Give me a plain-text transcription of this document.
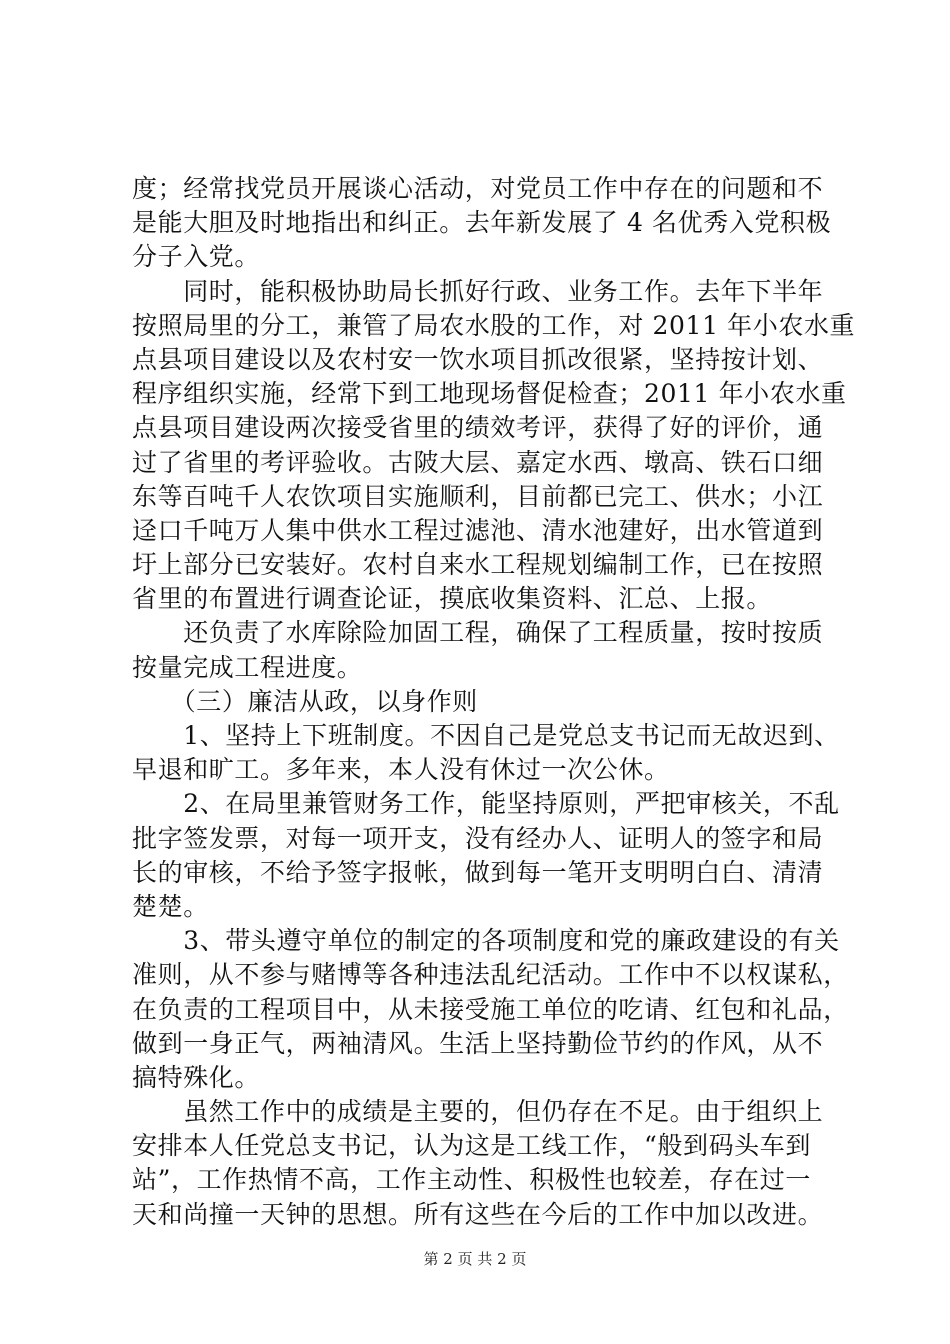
度；经常找党员开展谈心活动，对党员工作中存在的问题和不
是能大胆及时地指出和纠正。去年新发展了 4 名优秀入党积极
分子入党。
　　同时，能积极协助局长抓好行政、业务工作。去年下半年
按照局里的分工，兼管了局农水股的工作，对 2011 年小农水重
点县项目建设以及农村安一饮水项目抓改很紧，坚持按计划、
程序组织实施，经常下到工地现场督促检查；2011 年小农水重
点县项目建设两次接受省里的绩效考评，获得了好的评价，通
过了省里的考评验收。古陂大层、嘉定水西、墩高、铁石口细
东等百吨千人农饮项目实施顺利，目前都已完工、供水；小江
迳口千吨万人集中供水工程过滤池、清水池建好，出水管道到
圩上部分已安装好。农村自来水工程规划编制工作，已在按照
省里的布置进行调查论证，摸底收集资料、汇总、上报。
　　还负责了水库除险加固工程，确保了工程质量，按时按质
按量完成工程进度。
　　（三）廉洁从政，以身作则
　　1、坚持上下班制度。不因自己是党总支书记而无故迟到、
早退和旷工。多年来，本人没有休过一次公休。
　　2、在局里兼管财务工作，能坚持原则，严把审核关，不乱
批字签发票，对每一项开支，没有经办人、证明人的签字和局
长的审核，不给予签字报帐，做到每一笔开支明明白白、清清
楚楚。
　　3、带头遵守单位的制定的各项制度和党的廉政建设的有关
准则，从不参与赌博等各种违法乱纪活动。工作中不以权谋私，
在负责的工程项目中，从未接受施工单位的吃请、红包和礼品，
做到一身正气，两袖清风。生活上坚持勤俭节约的作风，从不
搞特殊化。
　　虽然工作中的成绩是主要的，但仍存在不足。由于组织上
安排本人任党总支书记，认为这是工线工作，“般到码头车到
站”，工作热情不高，工作主动性、积极性也较差，存在过一
天和尚撞一天钟的思想。所有这些在今后的工作中加以改进。
第 2 页 共 2 页
